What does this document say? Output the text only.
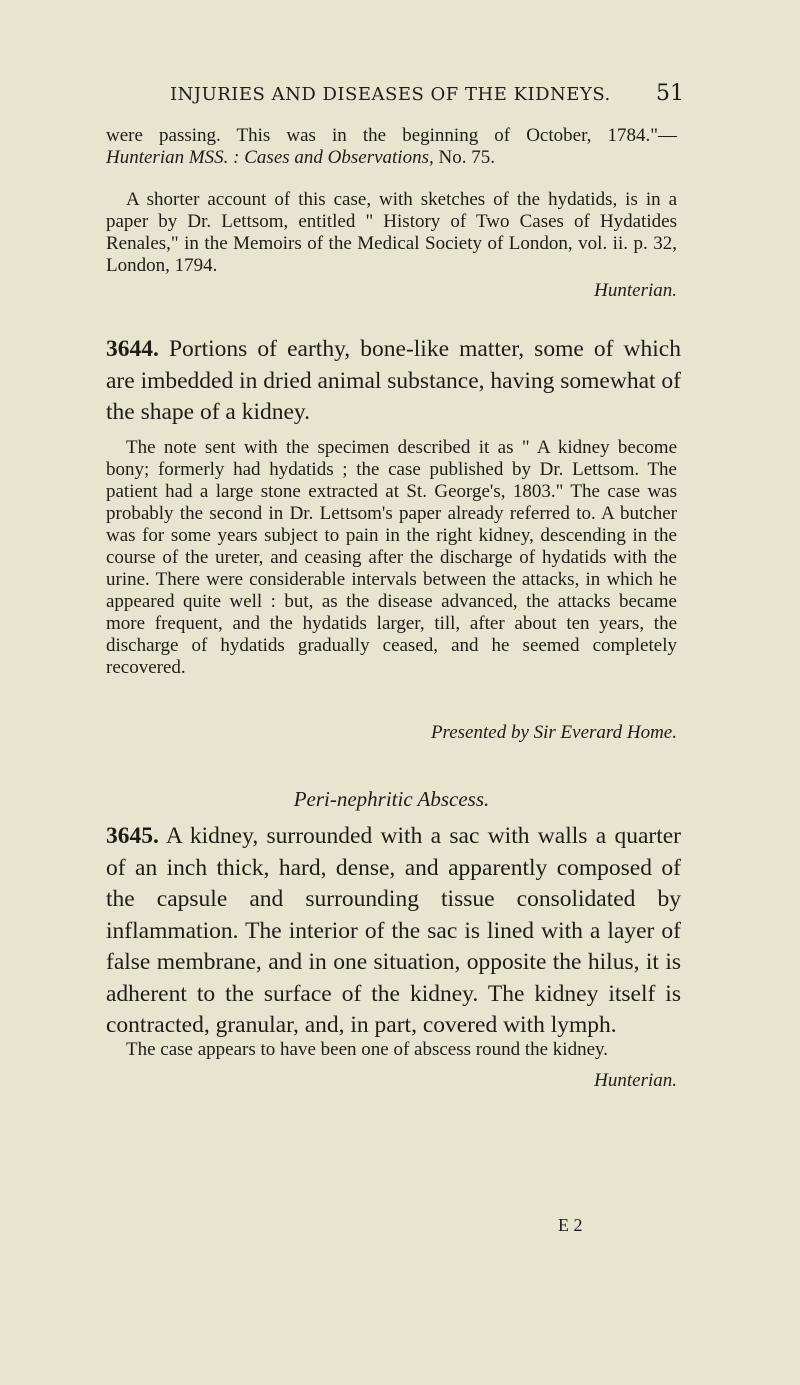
INJURIES AND DISEASES OF THE KIDNEYS. 51

were passing. This was in the beginning of October, 1784."—

Hunterian MSS. : Cases and Observations, No. 75.

A shorter account of this case, with sketches of the hydatids, is in a paper by Dr. Lettsom, entitled " History of Two Cases of Hydatides Renales," in the Memoirs of the Medical Society of London, vol. ii. p. 32, London, 1794.
Hunterian.
3644. Portions of earthy, bone-like matter, some of which are imbedded in dried animal substance, having somewhat of the shape of a kidney.
The note sent with the specimen described it as " A kidney become bony; formerly had hydatids ; the case published by Dr. Lettsom. The patient had a large stone extracted at St. George's, 1803." The case was probably the second in Dr. Lettsom's paper already referred to. A butcher was for some years subject to pain in the right kidney, descending in the course of the ureter, and ceasing after the discharge of hydatids with the urine. There were considerable intervals between the attacks, in which he appeared quite well : but, as the disease advanced, the attacks became more frequent, and the hydatids larger, till, after about ten years, the discharge of hydatids gradually ceased, and he seemed completely recovered.
Presented by Sir Everard Home.
Peri-nephritic Abscess.
3645. A kidney, surrounded with a sac with walls a quarter of an inch thick, hard, dense, and apparently composed of the capsule and surrounding tissue consolidated by inflammation. The interior of the sac is lined with a layer of false membrane, and in one situation, opposite the hilus, it is adherent to the surface of the kidney. The kidney itself is contracted, granular, and, in part, covered with lymph.
The case appears to have been one of abscess round the kidney.
Hunterian.
E 2
